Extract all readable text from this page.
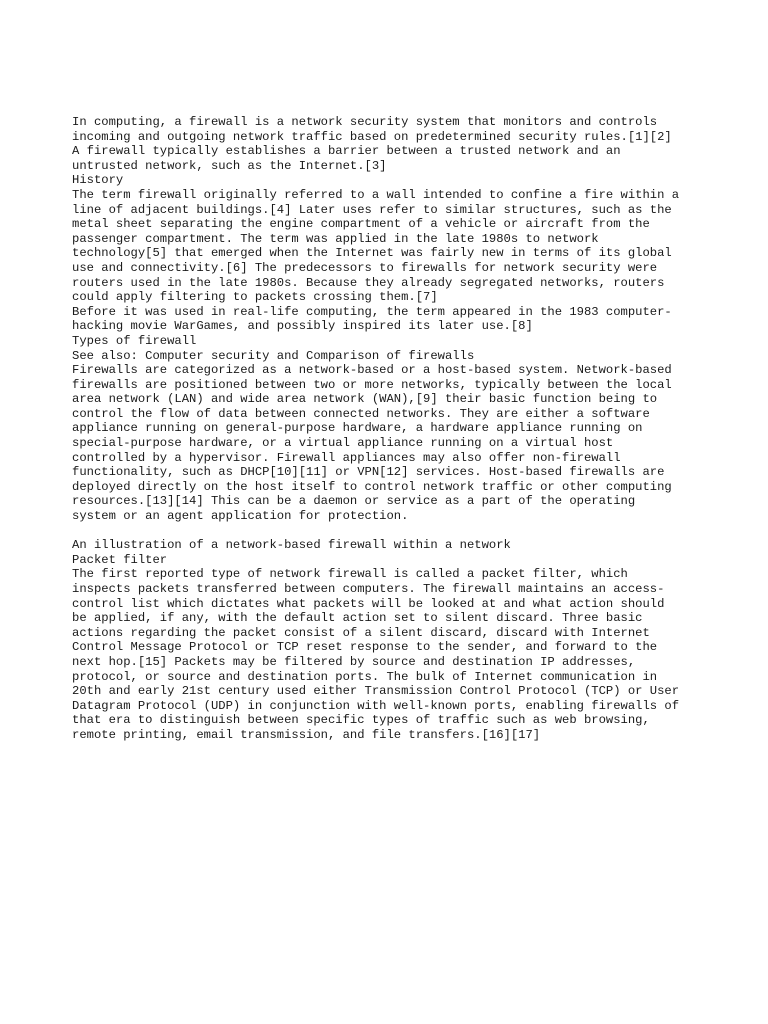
In computing, a firewall is a network security system that monitors and controls
incoming and outgoing network traffic based on predetermined security rules.[1][2]
A firewall typically establishes a barrier between a trusted network and an
untrusted network, such as the Internet.[3]
History
The term firewall originally referred to a wall intended to confine a fire within a
line of adjacent buildings.[4] Later uses refer to similar structures, such as the
metal sheet separating the engine compartment of a vehicle or aircraft from the
passenger compartment. The term was applied in the late 1980s to network
technology[5] that emerged when the Internet was fairly new in terms of its global
use and connectivity.[6] The predecessors to firewalls for network security were
routers used in the late 1980s. Because they already segregated networks, routers
could apply filtering to packets crossing them.[7]
Before it was used in real-life computing, the term appeared in the 1983 computer-
hacking movie WarGames, and possibly inspired its later use.[8]
Types of firewall
See also: Computer security and Comparison of firewalls
Firewalls are categorized as a network-based or a host-based system. Network-based
firewalls are positioned between two or more networks, typically between the local
area network (LAN) and wide area network (WAN),[9] their basic function being to
control the flow of data between connected networks. They are either a software
appliance running on general-purpose hardware, a hardware appliance running on
special-purpose hardware, or a virtual appliance running on a virtual host
controlled by a hypervisor. Firewall appliances may also offer non-firewall
functionality, such as DHCP[10][11] or VPN[12] services. Host-based firewalls are
deployed directly on the host itself to control network traffic or other computing
resources.[13][14] This can be a daemon or service as a part of the operating
system or an agent application for protection.
An illustration of a network-based firewall within a network
Packet filter
The first reported type of network firewall is called a packet filter, which
inspects packets transferred between computers. The firewall maintains an access-
control list which dictates what packets will be looked at and what action should
be applied, if any, with the default action set to silent discard. Three basic
actions regarding the packet consist of a silent discard, discard with Internet
Control Message Protocol or TCP reset response to the sender, and forward to the
next hop.[15] Packets may be filtered by source and destination IP addresses,
protocol, or source and destination ports. The bulk of Internet communication in
20th and early 21st century used either Transmission Control Protocol (TCP) or User
Datagram Protocol (UDP) in conjunction with well-known ports, enabling firewalls of
that era to distinguish between specific types of traffic such as web browsing,
remote printing, email transmission, and file transfers.[16][17]
